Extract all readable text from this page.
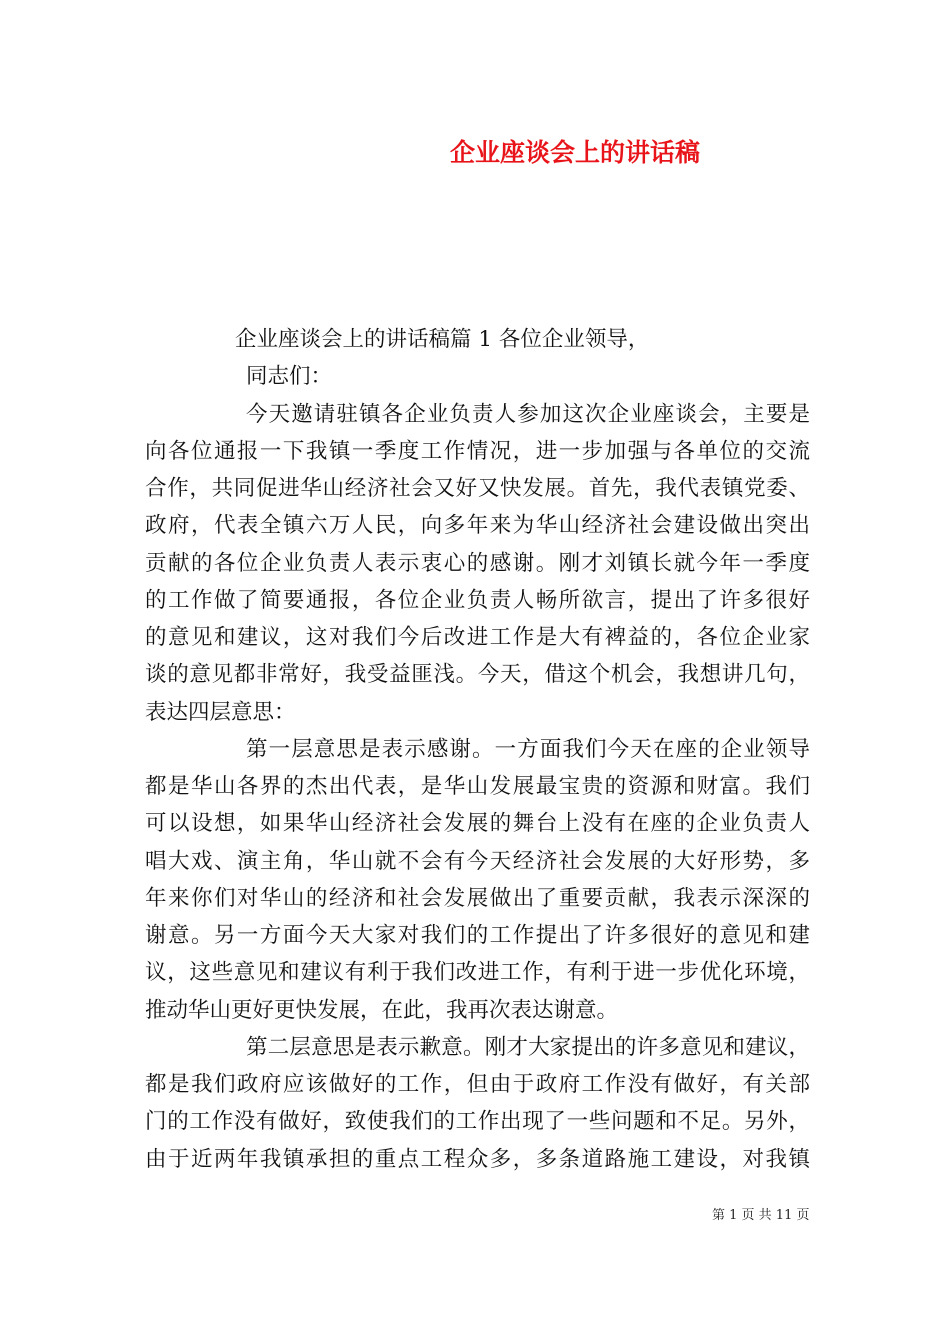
企业座谈会上的讲话稿
企业座谈会上的讲话稿篇 1 各位企业领导，
同志们：
今天邀请驻镇各企业负责人参加这次企业座谈会，主要是
向各位通报一下我镇一季度工作情况，进一步加强与各单位的交流
合作，共同促进华山经济社会又好又快发展。首先，我代表镇党委、
政府，代表全镇六万人民，向多年来为华山经济社会建设做出突出
贡献的各位企业负责人表示衷心的感谢。刚才刘镇长就今年一季度
的工作做了简要通报，各位企业负责人畅所欲言，提出了许多很好
的意见和建议，这对我们今后改进工作是大有裨益的，各位企业家
谈的意见都非常好，我受益匪浅。今天，借这个机会，我想讲几句，
表达四层意思：
第一层意思是表示感谢。一方面我们今天在座的企业领导
都是华山各界的杰出代表，是华山发展最宝贵的资源和财富。我们
可以设想，如果华山经济社会发展的舞台上没有在座的企业负责人
唱大戏、演主角，华山就不会有今天经济社会发展的大好形势，多
年来你们对华山的经济和社会发展做出了重要贡献，我表示深深的
谢意。另一方面今天大家对我们的工作提出了许多很好的意见和建
议，这些意见和建议有利于我们改进工作，有利于进一步优化环境，
推动华山更好更快发展，在此，我再次表达谢意。
第二层意思是表示歉意。刚才大家提出的许多意见和建议，
都是我们政府应该做好的工作，但由于政府工作没有做好，有关部
门的工作没有做好，致使我们的工作出现了一些问题和不足。另外，
由于近两年我镇承担的重点工程众多，多条道路施工建设，对我镇
第 1 页 共 11 页
